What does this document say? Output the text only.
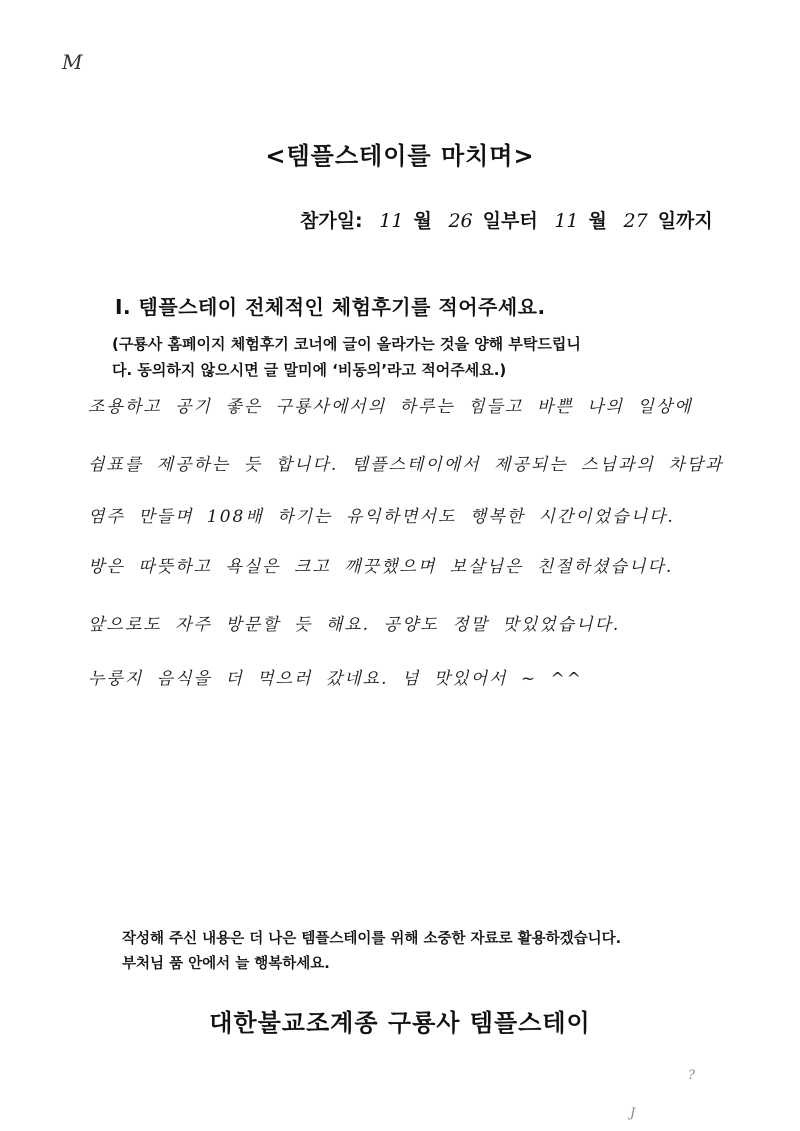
M
<템플스테이를 마치며>
참가일: 11 월 26 일부터 11 월 27 일까지
Ⅰ. 템플스테이 전체적인 체험후기를 적어주세요.
(구룡사 홈페이지 체험후기 코너에 글이 올라가는 것을 양해 부탁드립니
다. 동의하지 않으시면 글 말미에 ‘비동의’라고 적어주세요.)
조용하고 공기 좋은 구룡사에서의 하루는 힘들고 바쁜 나의 일상에
쉼표를 제공하는 듯 합니다. 템플스테이에서 제공되는 스님과의 차담과
염주 만들며 108배 하기는 유익하면서도 행복한 시간이었습니다.
방은 따뜻하고 욕실은 크고 깨끗했으며 보살님은 친절하셨습니다.
앞으로도 자주 방문할 듯 해요. 공양도 정말 맛있었습니다.
누룽지 음식을 더 먹으러 갔네요. 넘 맛있어서 ~ ^^
작성해 주신 내용은 더 나은 템플스테이를 위해 소중한 자료로 활용하겠습니다.
부처님 품 안에서 늘 행복하세요.
대한불교조계종 구룡사 템플스테이
?
J
